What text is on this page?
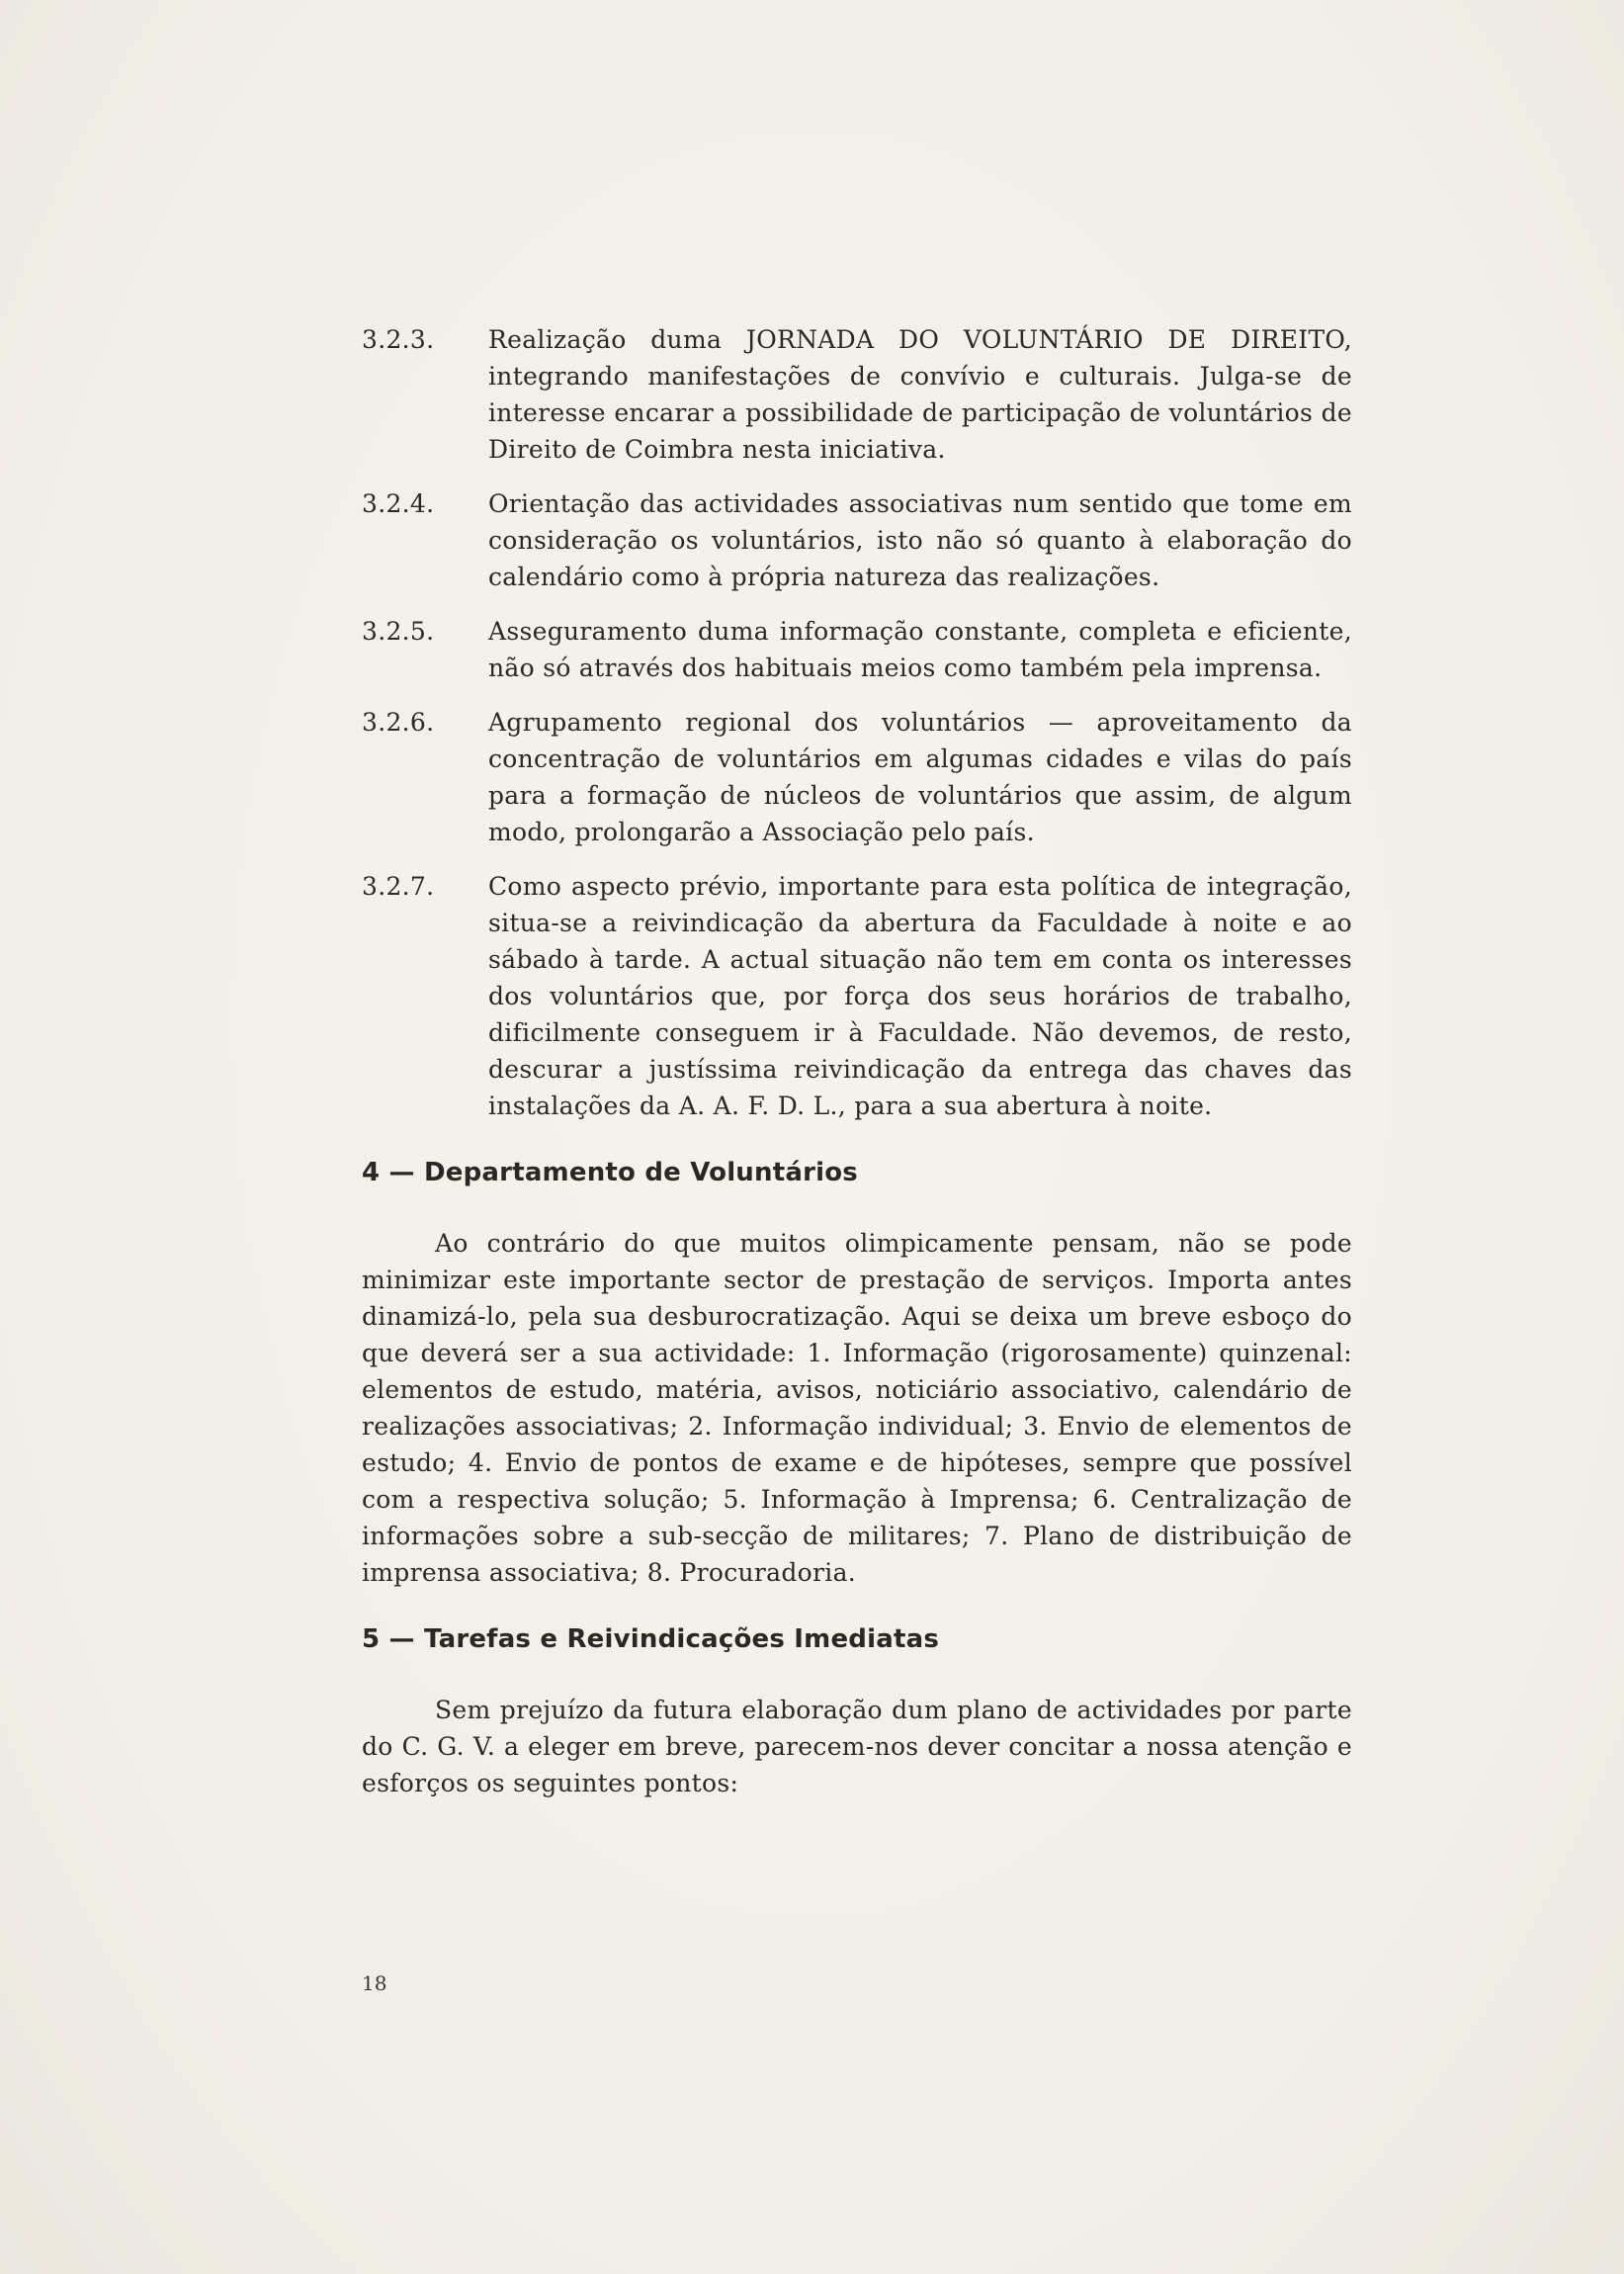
3.2.3.	Realização duma JORNADA DO VOLUNTÁRIO DE DIREITO, integrando manifestações de convívio e culturais. Julga-se de interesse encarar a possibilidade de participação de voluntários de Direito de Coimbra nesta iniciativa.
3.2.4.	Orientação das actividades associativas num sentido que tome em consideração os voluntários, isto não só quanto à elaboração do calendário como à própria natureza das realizações.
3.2.5.	Asseguramento duma informação constante, completa e eficiente, não só através dos habituais meios como também pela imprensa.
3.2.6.	Agrupamento regional dos voluntários — aproveitamento da concentração de voluntários em algumas cidades e vilas do país para a formação de núcleos de voluntários que assim, de algum modo, prolongarão a Associação pelo país.
3.2.7.	Como aspecto prévio, importante para esta política de integração, situa-se a reivindicação da abertura da Faculdade à noite e ao sábado à tarde. A actual situação não tem em conta os interesses dos voluntários que, por força dos seus horários de trabalho, dificilmente conseguem ir à Faculdade. Não devemos, de resto, descurar a justíssima reivindicação da entrega das chaves das instalações da A. A. F. D. L., para a sua abertura à noite.
4 — Departamento de Voluntários

Ao contrário do que muitos olimpicamente pensam, não se pode minimizar este importante sector de prestação de serviços. Importa antes dinamizá-lo, pela sua desburocratização. Aqui se deixa um breve esboço do que deverá ser a sua actividade: 1. Informação (rigorosamente) quinzenal: elementos de estudo, matéria, avisos, noticiário associativo, calendário de realizações associativas; 2. Informação individual; 3. Envio de elementos de estudo; 4. Envio de pontos de exame e de hipóteses, sempre que possível com a respectiva solução; 5. Informação à Imprensa; 6. Centralização de informações sobre a sub-secção de militares; 7. Plano de distribuição de imprensa associativa; 8. Procuradoria.

5 — Tarefas e Reivindicações Imediatas

Sem prejuízo da futura elaboração dum plano de actividades por parte do C. G. V. a eleger em breve, parecem-nos dever concitar a nossa atenção e esforços os seguintes pontos:

18
